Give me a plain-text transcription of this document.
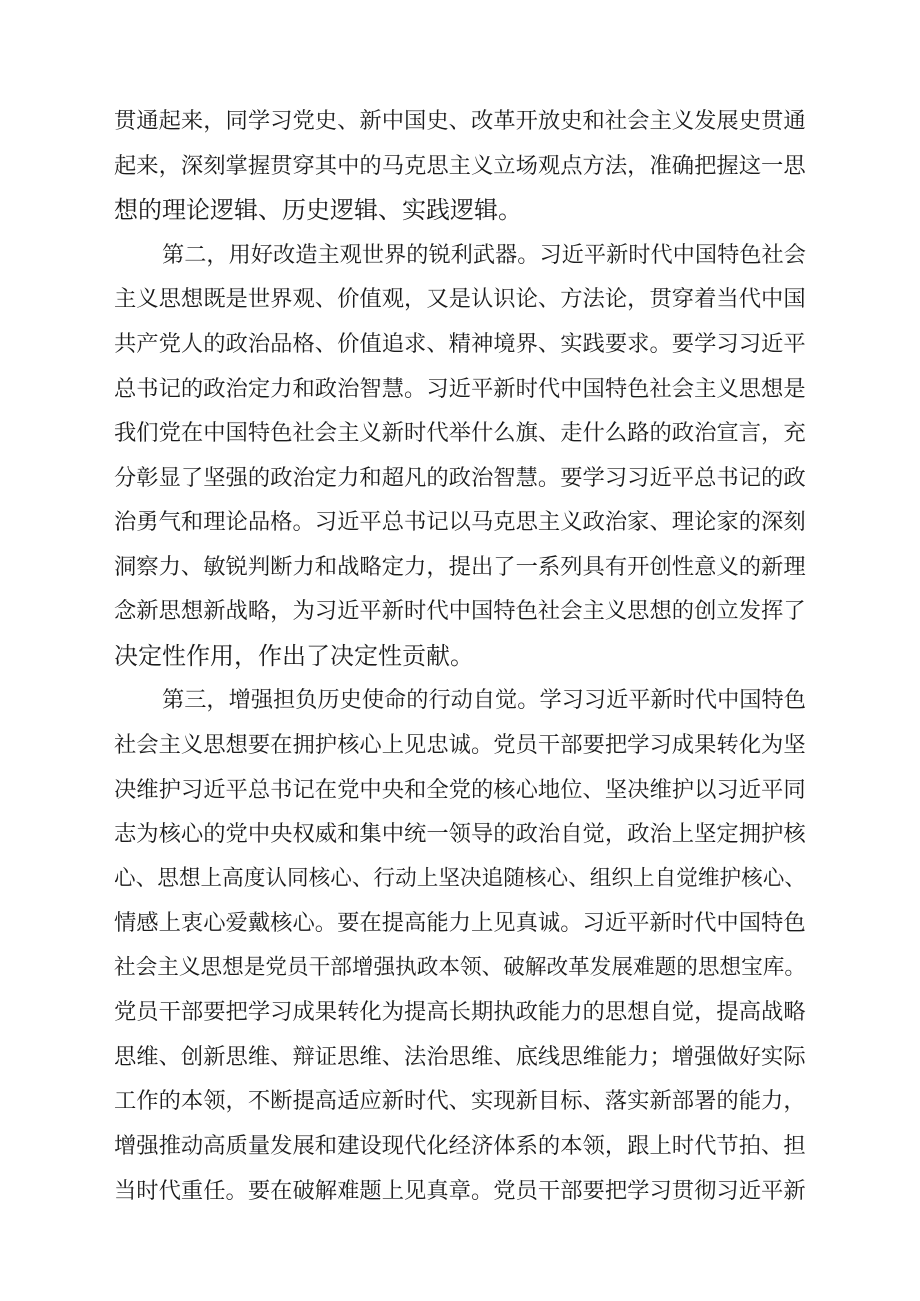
贯通起来，同学习党史、新中国史、改革开放史和社会主义发展史贯通
起来，深刻掌握贯穿其中的马克思主义立场观点方法，准确把握这一思
想的理论逻辑、历史逻辑、实践逻辑。
第二，用好改造主观世界的锐利武器。习近平新时代中国特色社会
主义思想既是世界观、价值观，又是认识论、方法论，贯穿着当代中国
共产党人的政治品格、价值追求、精神境界、实践要求。要学习习近平
总书记的政治定力和政治智慧。习近平新时代中国特色社会主义思想是
我们党在中国特色社会主义新时代举什么旗、走什么路的政治宣言，充
分彰显了坚强的政治定力和超凡的政治智慧。要学习习近平总书记的政
治勇气和理论品格。习近平总书记以马克思主义政治家、理论家的深刻
洞察力、敏锐判断力和战略定力，提出了一系列具有开创性意义的新理
念新思想新战略，为习近平新时代中国特色社会主义思想的创立发挥了
决定性作用，作出了决定性贡献。
第三，增强担负历史使命的行动自觉。学习习近平新时代中国特色
社会主义思想要在拥护核心上见忠诚。党员干部要把学习成果转化为坚
决维护习近平总书记在党中央和全党的核心地位、坚决维护以习近平同
志为核心的党中央权威和集中统一领导的政治自觉，政治上坚定拥护核
心、思想上高度认同核心、行动上坚决追随核心、组织上自觉维护核心、
情感上衷心爱戴核心。要在提高能力上见真诚。习近平新时代中国特色
社会主义思想是党员干部增强执政本领、破解改革发展难题的思想宝库。
党员干部要把学习成果转化为提高长期执政能力的思想自觉，提高战略
思维、创新思维、辩证思维、法治思维、底线思维能力；增强做好实际
工作的本领，不断提高适应新时代、实现新目标、落实新部署的能力，
增强推动高质量发展和建设现代化经济体系的本领，跟上时代节拍、担
当时代重任。要在破解难题上见真章。党员干部要把学习贯彻习近平新
